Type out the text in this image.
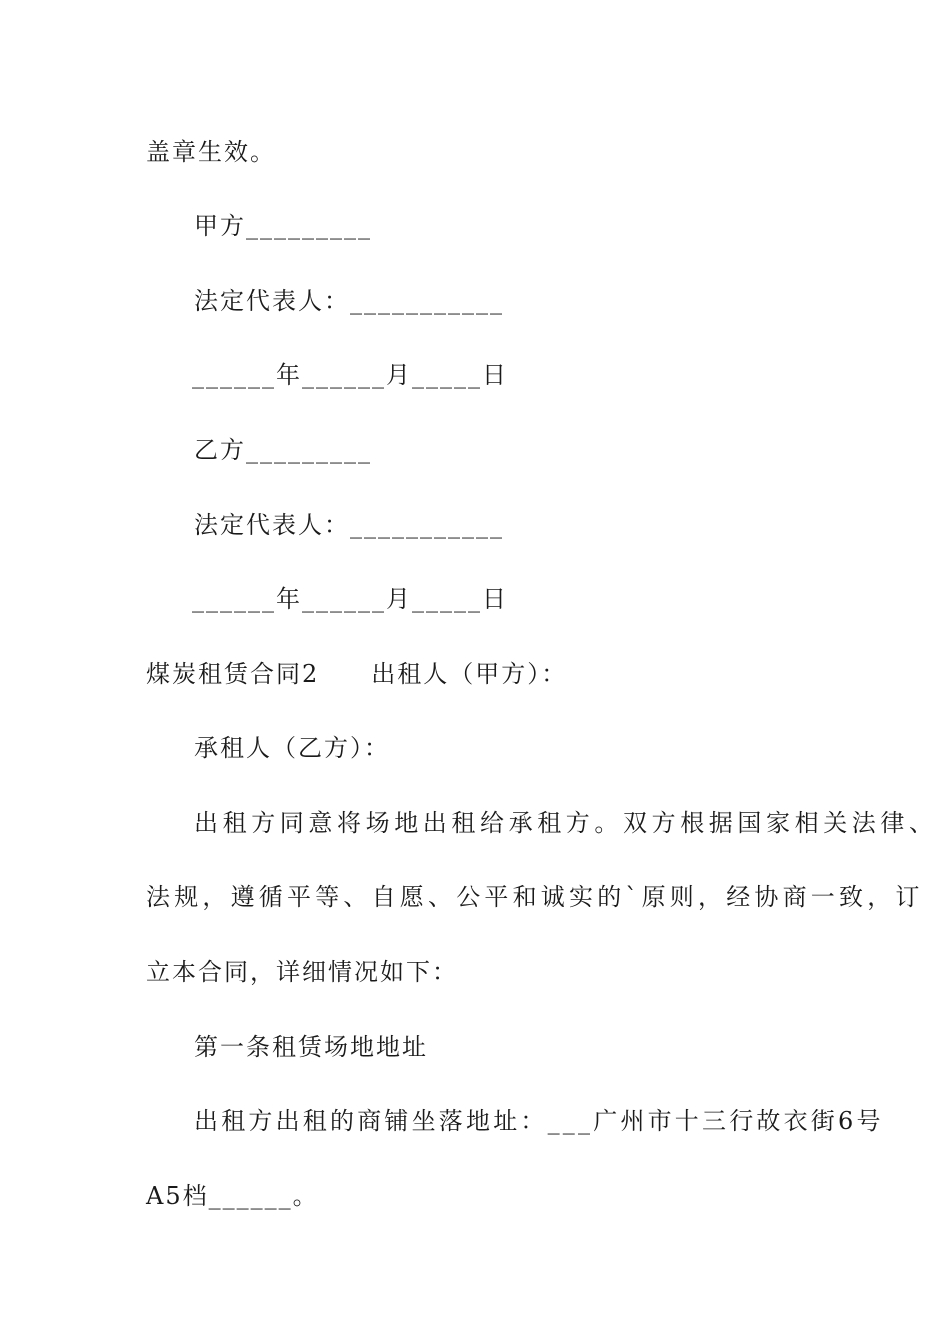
盖章生效。
甲方_________
法定代表人：___________
______年______月_____日
乙方_________
法定代表人：___________
______年______月_____日
煤炭租赁合同2　　出租人（甲方）：
承租人（乙方）：
出租方同意将场地出租给承租方。双方根据国家相关法律、
法规，遵循平等、自愿、公平和诚实的`原则，经协商一致，订
立本合同，详细情况如下：
第一条租赁场地地址
出租方出租的商铺坐落地址：___广州市十三行故衣街6号
A5档______。
